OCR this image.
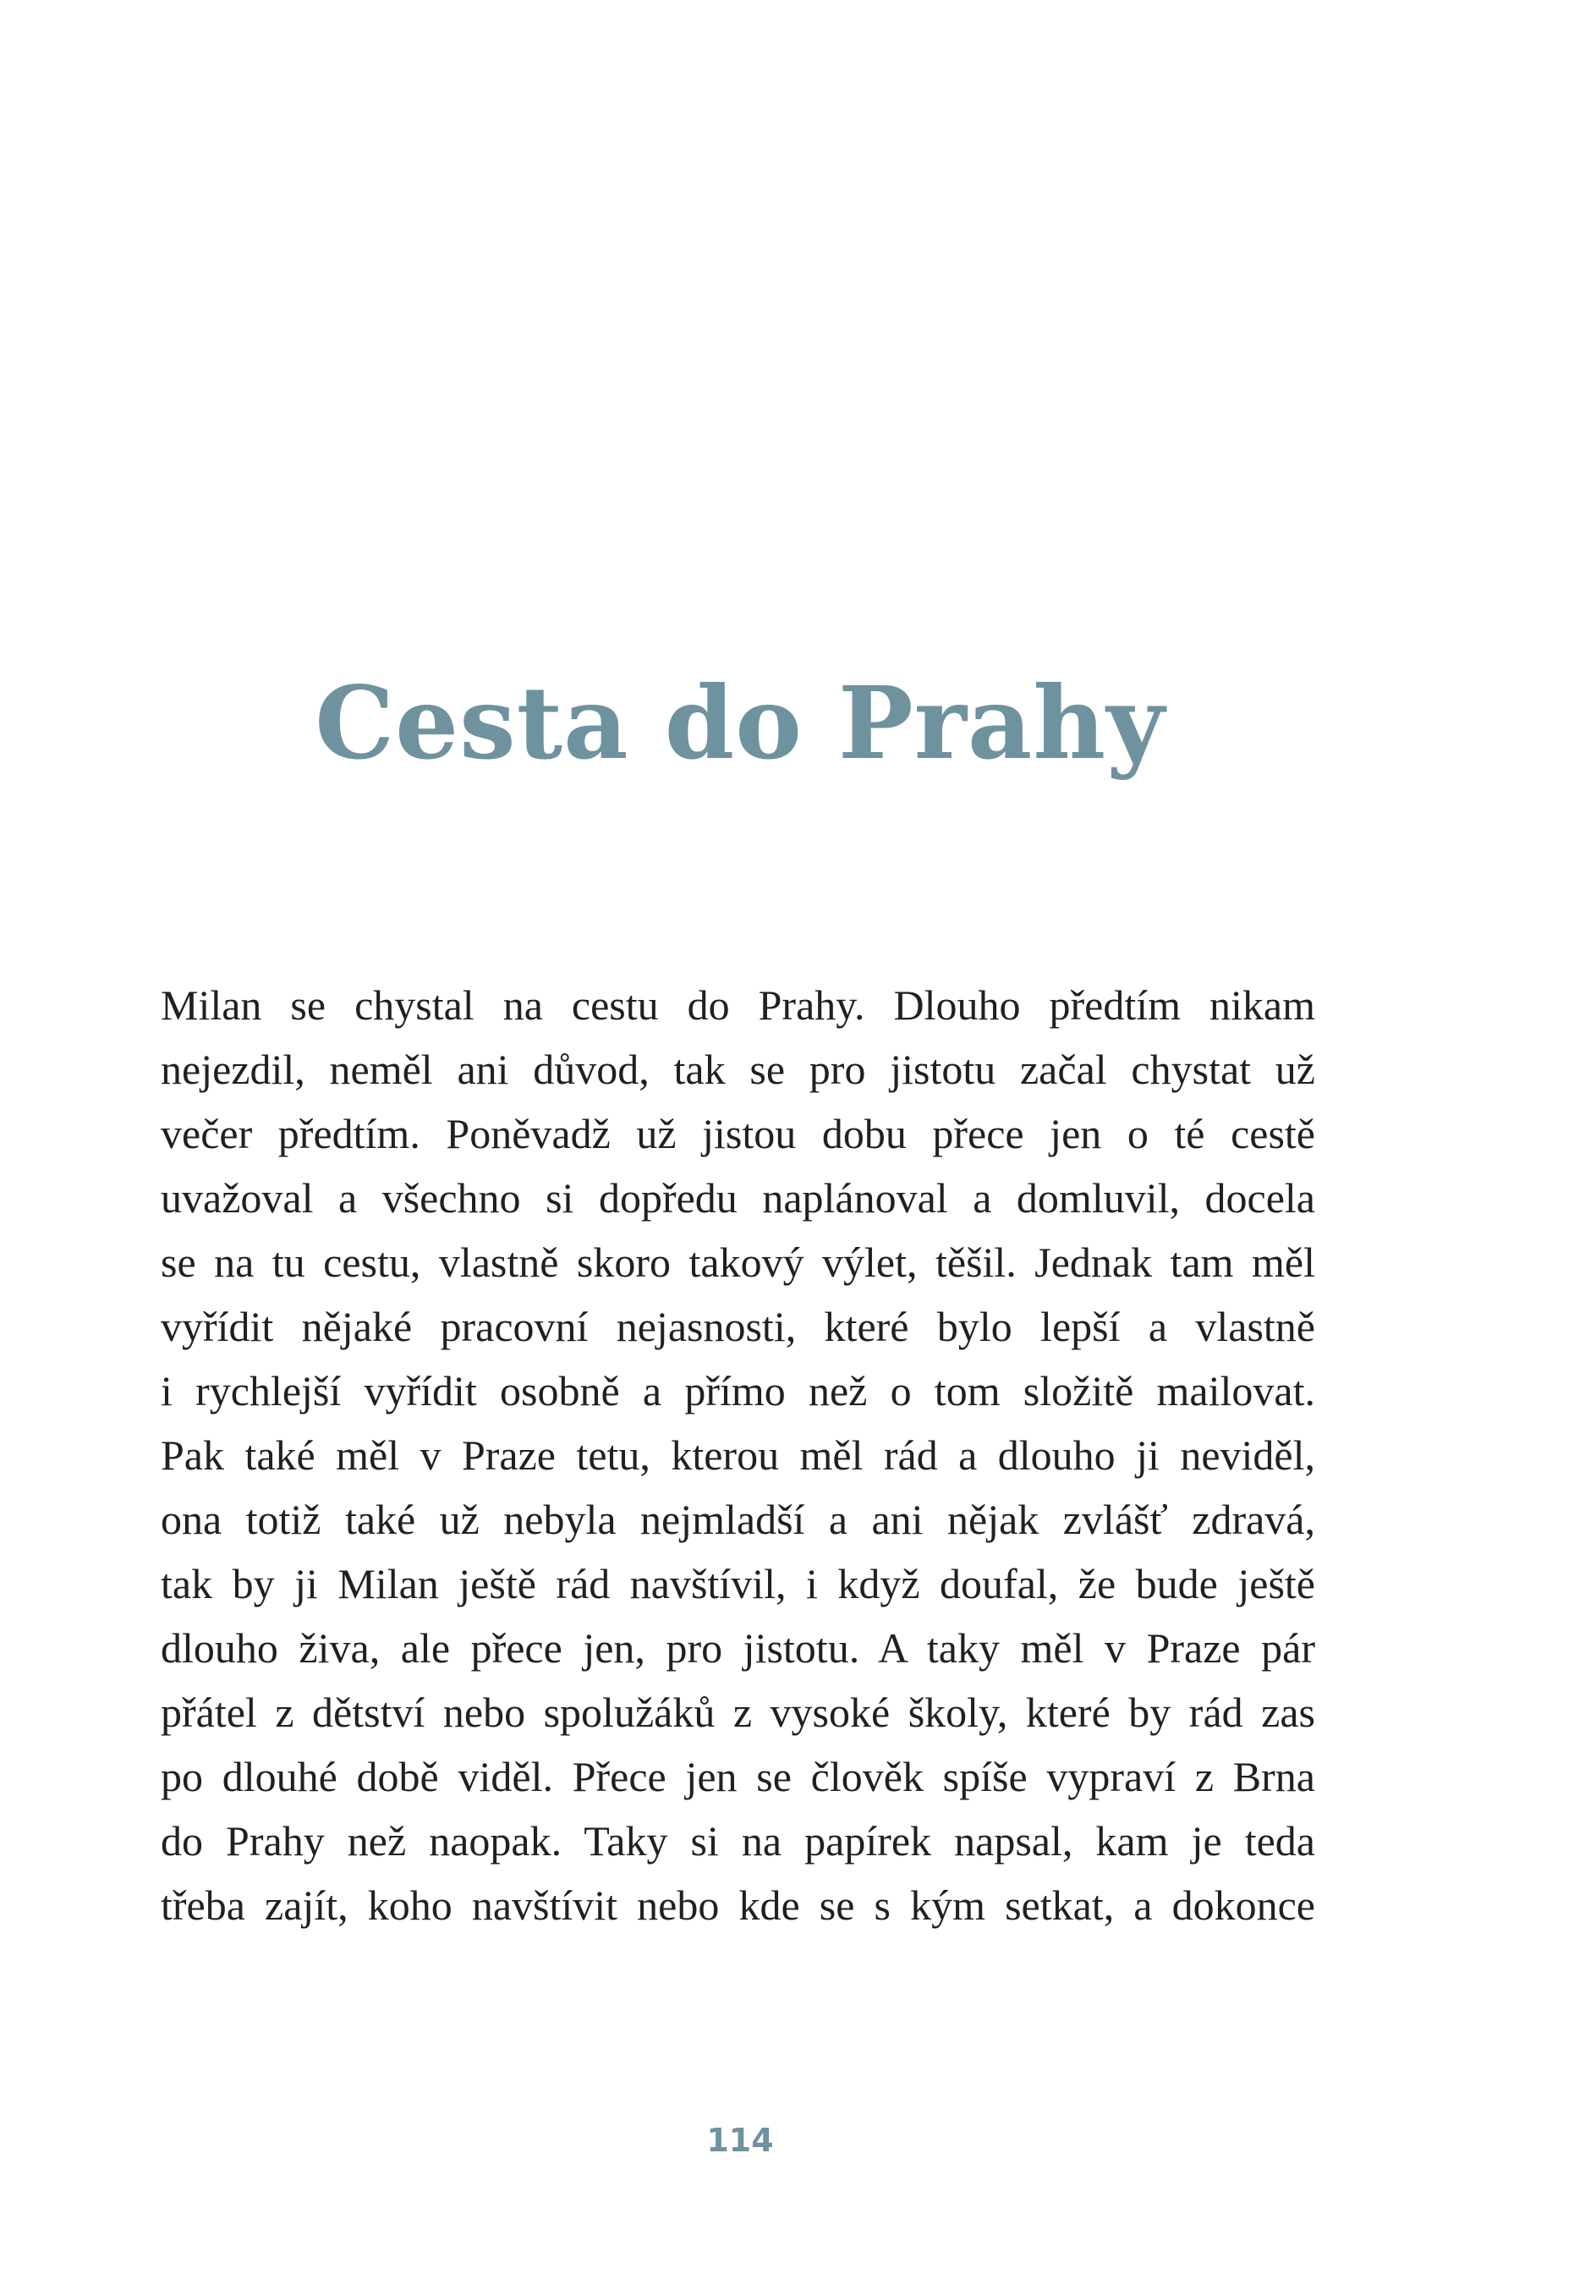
Cesta do Prahy
Milan se chystal na cestu do Prahy. Dlouho předtím nikam
nejezdil, neměl ani důvod, tak se pro jistotu začal chystat už
večer předtím. Poněvadž už jistou dobu přece jen o té cestě
uvažoval a všechno si dopředu naplánoval a domluvil, docela
se na tu cestu, vlastně skoro takový výlet, těšil. Jednak tam měl
vyřídit nějaké pracovní nejasnosti, které bylo lepší a vlastně
i rychlejší vyřídit osobně a přímo než o tom složitě mailovat.
Pak také měl v Praze tetu, kterou měl rád a dlouho ji neviděl,
ona totiž také už nebyla nejmladší a ani nějak zvlášť zdravá,
tak by ji Milan ještě rád navštívil, i když doufal, že bude ještě
dlouho živa, ale přece jen, pro jistotu. A taky měl v Praze pár
přátel z dětství nebo spolužáků z vysoké školy, které by rád zas
po dlouhé době viděl. Přece jen se člověk spíše vypraví z Brna
do Prahy než naopak. Taky si na papírek napsal, kam je teda
třeba zajít, koho navštívit nebo kde se s kým setkat, a dokonce
114
